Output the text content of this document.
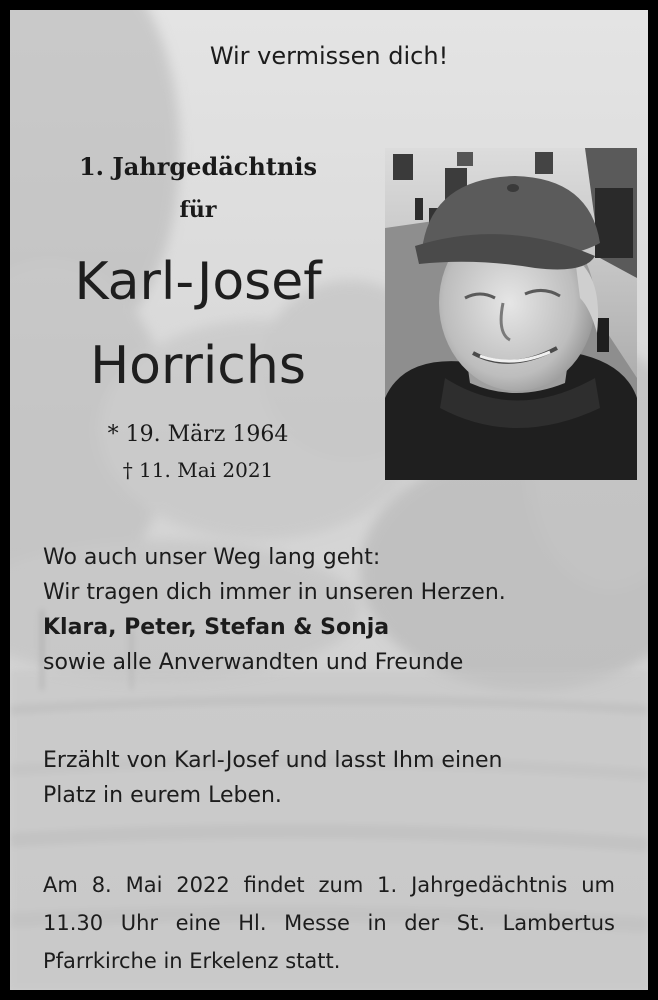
Wir vermissen dich!
1. Jahrgedächtnis
für
Karl-Josef
Horrichs
* 19. März 1964
† 11. Mai 2021
Wo auch unser Weg lang geht:
Wir tragen dich immer in unseren Herzen.
Klara, Peter, Stefan & Sonja
sowie alle Anverwandten und Freunde
Erzählt von Karl-Josef und lasst Ihm einen
Platz in eurem Leben.
Am 8. Mai 2022 findet zum 1. Jahrgedächtnis um 11.30 Uhr eine Hl. Messe in der St. Lambertus Pfarrkirche in Erkelenz statt.
